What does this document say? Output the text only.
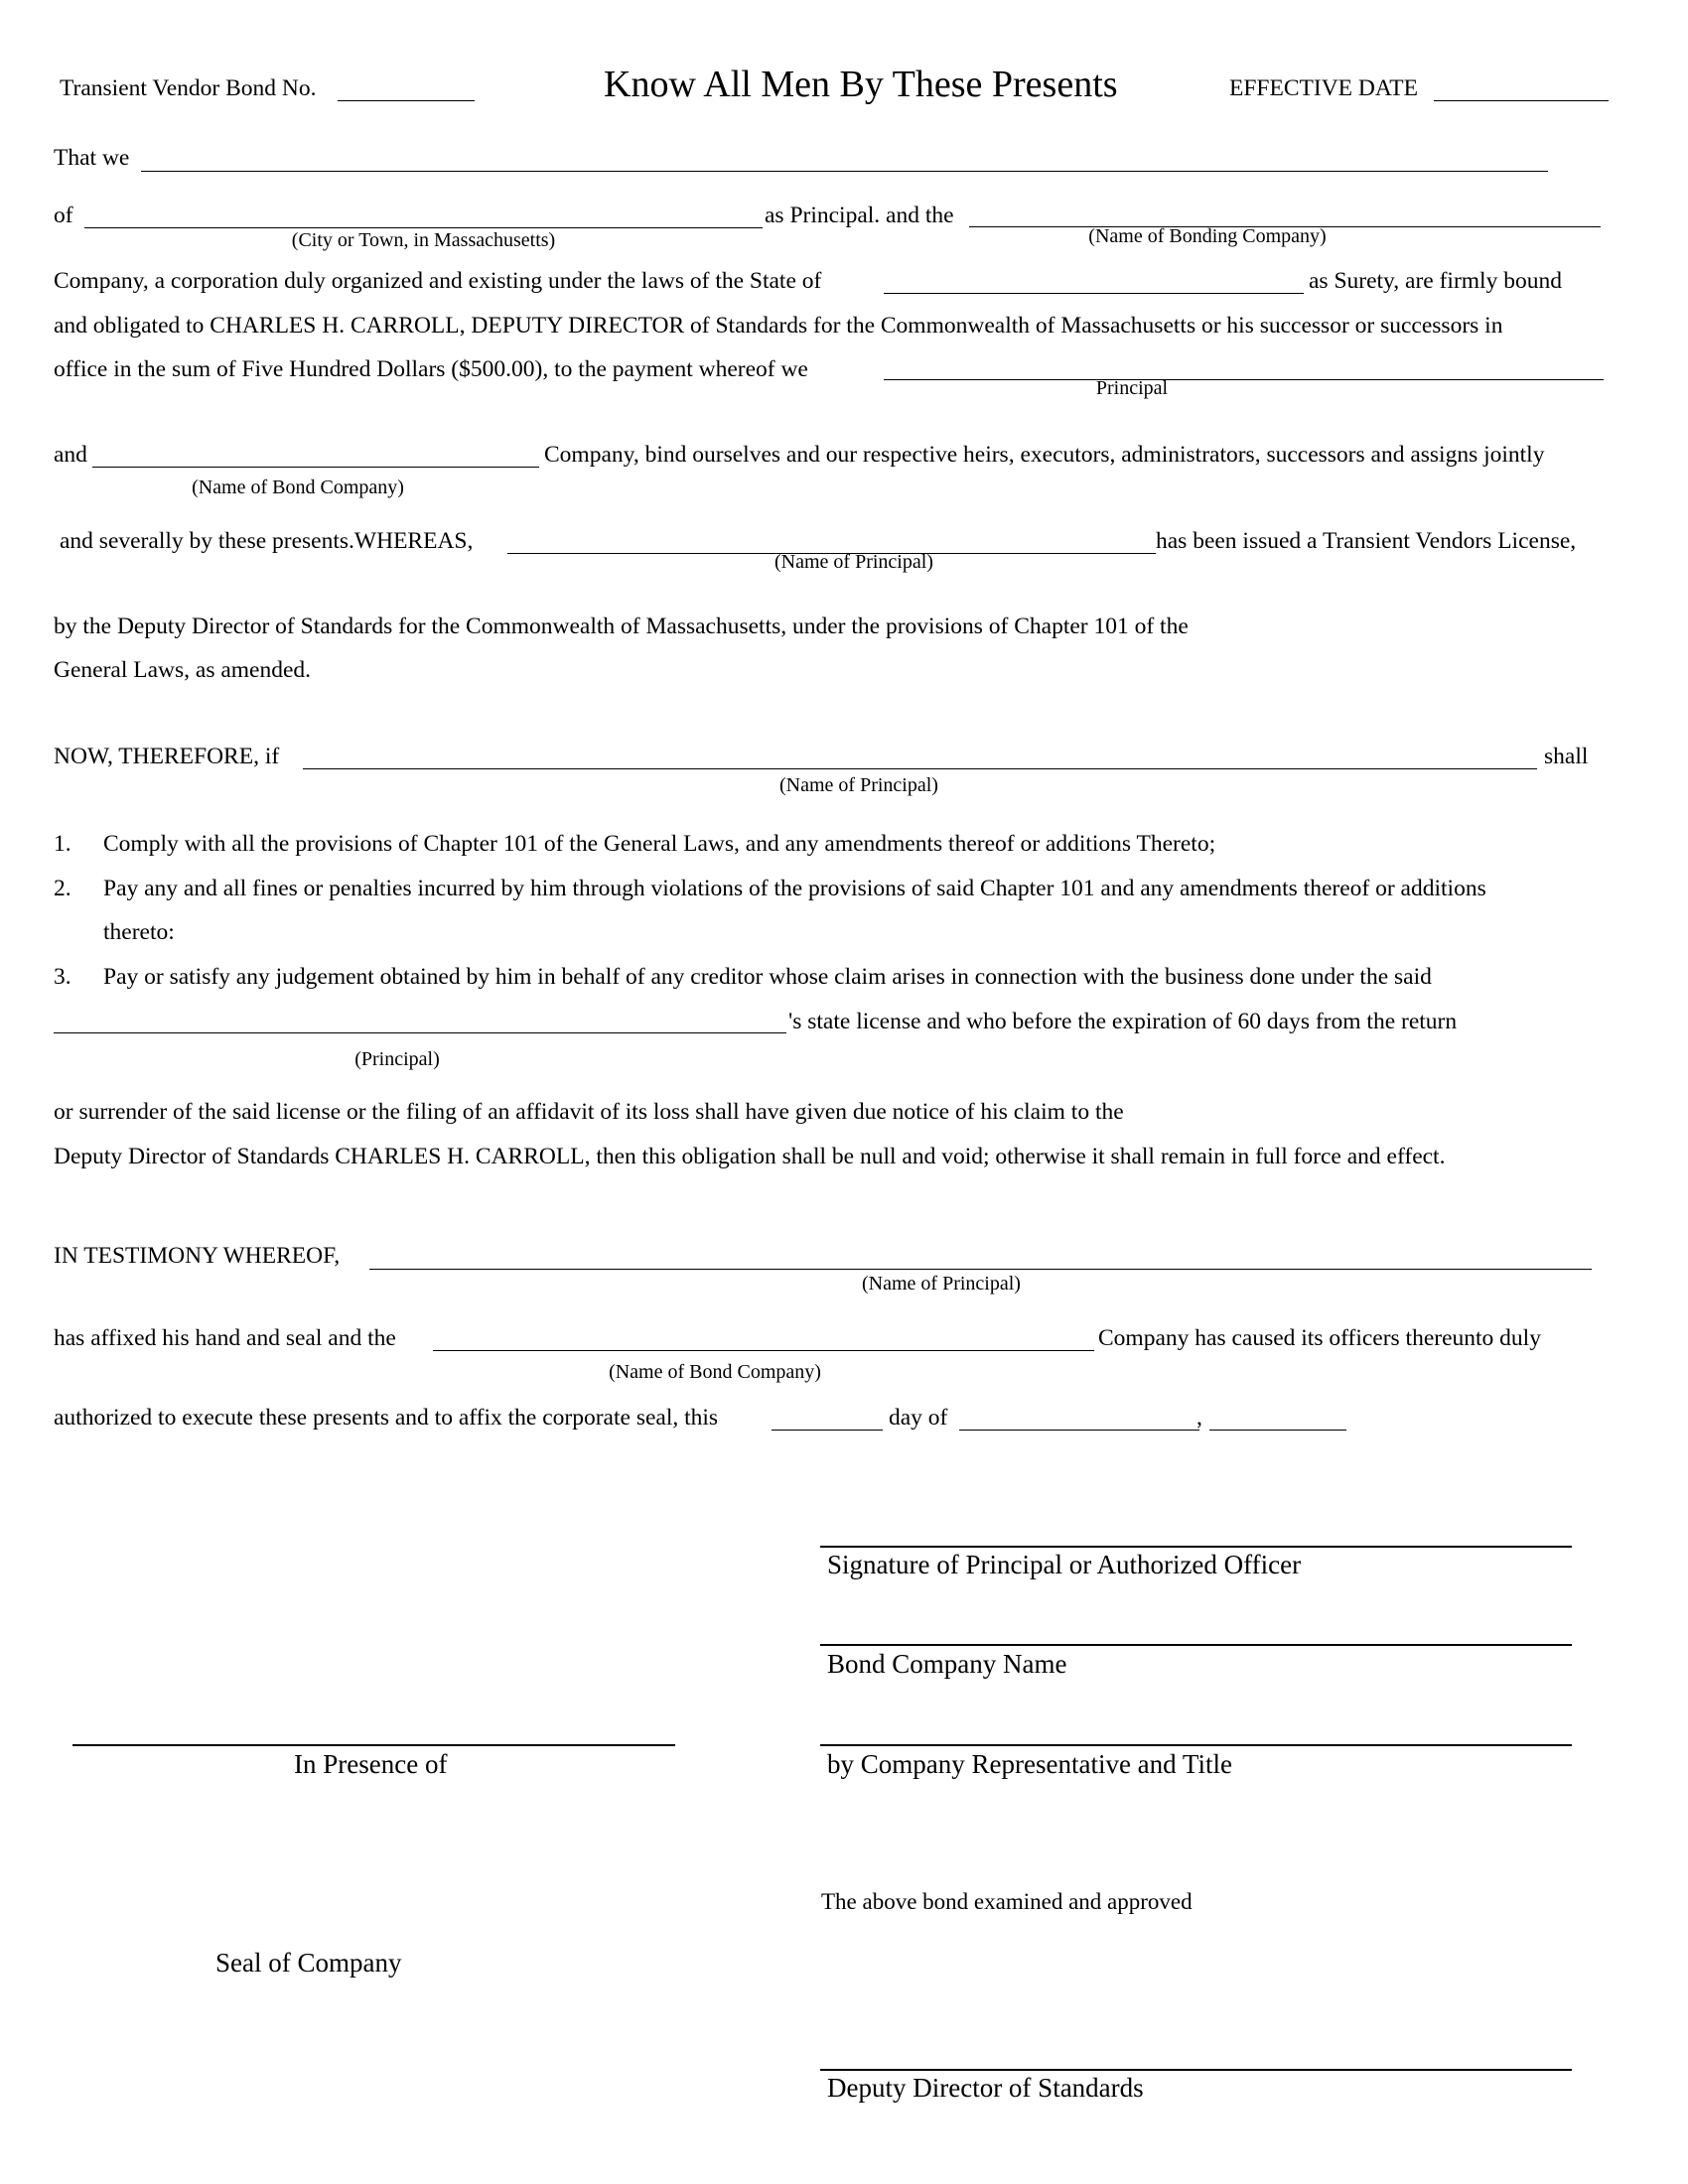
Transient Vendor Bond No.	Know All Men By These Presents	EFFECTIVE DATE
That we
of
(City or Town, in Massachusetts)
as Principal. and the
(Name of Bonding Company)
Company, a corporation duly organized and existing under the laws of the State of	as Surety, are firmly bound
and obligated to CHARLES H. CARROLL, DEPUTY DIRECTOR of Standards for the Commonwealth of Massachusetts or his successor or successors in
office in the sum of Five Hundred Dollars ($500.00), to the payment whereof we
Principal
and
(Name of Bond Company)
Company, bind ourselves and our respective heirs, executors, administrators, successors and assigns jointly
and severally by these presents.WHEREAS,
(Name of Principal)
has been issued a Transient Vendors License,
by the Deputy Director of Standards for the Commonwealth of Massachusetts, under the provisions of Chapter 101 of the
General Laws, as amended.
NOW, THEREFORE, if
(Name of Principal)
shall
1. Comply with all the provisions of Chapter 101 of the General Laws, and any amendments thereof or additions Thereto;
2. Pay any and all fines or penalties incurred by him through violations of the provisions of said Chapter 101 and any amendments thereof or additions
thereto:
3. Pay or satisfy any judgement obtained by him in behalf of any creditor whose claim arises in connection with the business done under the said
's state license and who before the expiration of 60 days from the return
(Principal)
or surrender of the said license or the filing of an affidavit of its loss shall have given due notice of his claim to the
Deputy Director of Standards CHARLES H. CARROLL, then this obligation shall be null and void; otherwise it shall remain in full force and effect.
IN TESTIMONY WHEREOF,
(Name of Principal)
has affixed his hand and seal and the
(Name of Bond Company)
Company has caused its officers thereunto duly
authorized to execute these presents and to affix the corporate seal, this	day of	,
Signature of Principal or Authorized Officer
Bond Company Name
In Presence of	by Company Representative and Title
The above bond examined and approved
Seal of Company
Deputy Director of Standards
